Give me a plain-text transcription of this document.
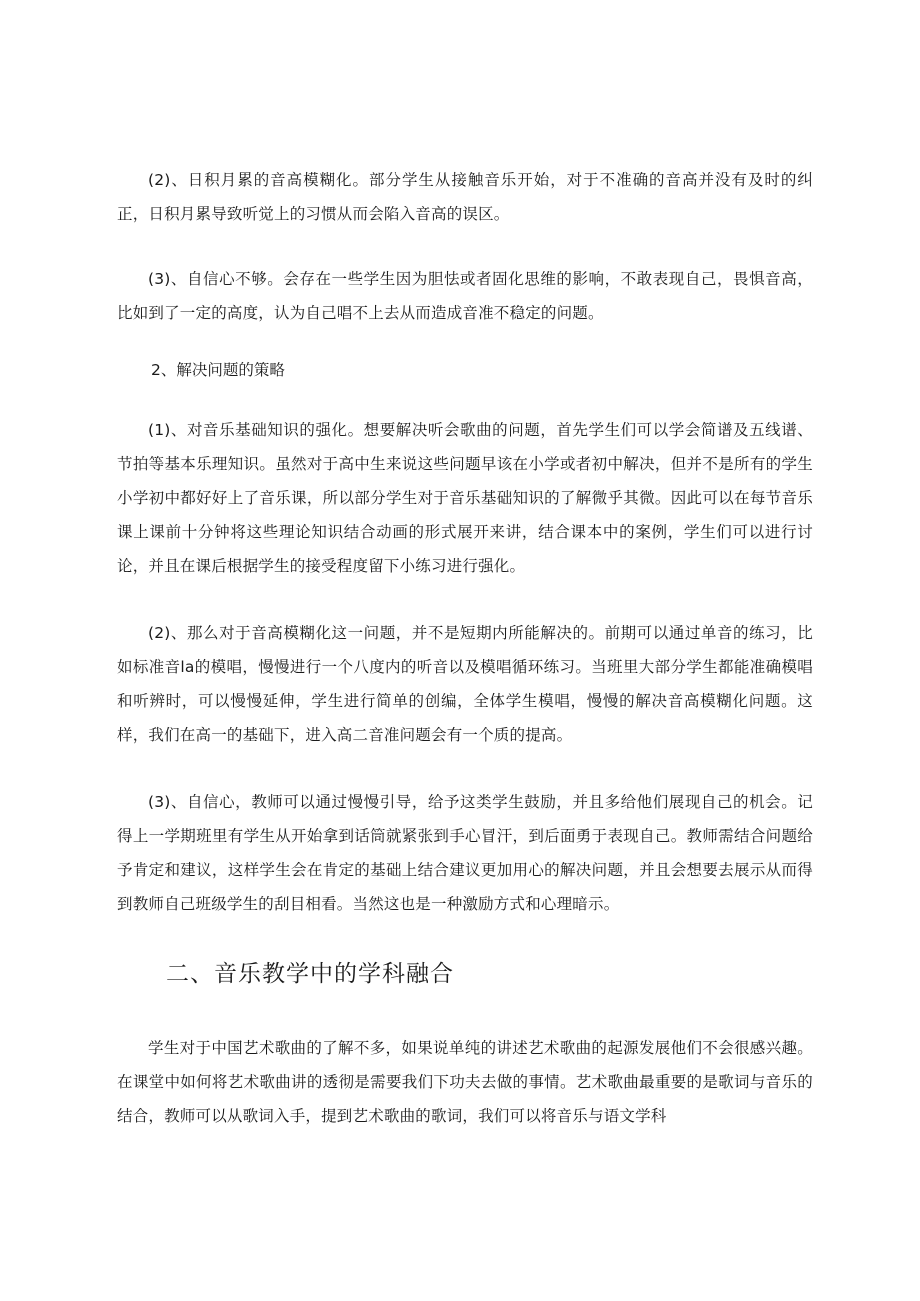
(2)、日积月累的音高模糊化。部分学生从接触音乐开始，对于不准确的音高并没有及时的纠正，日积月累导致听觉上的习惯从而会陷入音高的误区。

(3)、自信心不够。会存在一些学生因为胆怯或者固化思维的影响，不敢表现自己，畏惧音高，比如到了一定的高度，认为自己唱不上去从而造成音准不稳定的问题。

2、解决问题的策略

(1)、对音乐基础知识的强化。想要解决听会歌曲的问题，首先学生们可以学会简谱及五线谱、节拍等基本乐理知识。虽然对于高中生来说这些问题早该在小学或者初中解决，但并不是所有的学生小学初中都好好上了音乐课，所以部分学生对于音乐基础知识的了解微乎其微。因此可以在每节音乐课上课前十分钟将这些理论知识结合动画的形式展开来讲，结合课本中的案例，学生们可以进行讨论，并且在课后根据学生的接受程度留下小练习进行强化。

(2)、那么对于音高模糊化这一问题，并不是短期内所能解决的。前期可以通过单音的练习，比如标准音la的模唱，慢慢进行一个八度内的听音以及模唱循环练习。当班里大部分学生都能准确模唱和听辨时，可以慢慢延伸，学生进行简单的创编，全体学生模唱，慢慢的解决音高模糊化问题。这样，我们在高一的基础下，进入高二音准问题会有一个质的提高。

(3)、自信心，教师可以通过慢慢引导，给予这类学生鼓励，并且多给他们展现自己的机会。记得上一学期班里有学生从开始拿到话筒就紧张到手心冒汗，到后面勇于表现自己。教师需结合问题给予肯定和建议，这样学生会在肯定的基础上结合建议更加用心的解决问题，并且会想要去展示从而得到教师自己班级学生的刮目相看。当然这也是一种激励方式和心理暗示。

二、音乐教学中的学科融合

学生对于中国艺术歌曲的了解不多，如果说单纯的讲述艺术歌曲的起源发展他们不会很感兴趣。在课堂中如何将艺术歌曲讲的透彻是需要我们下功夫去做的事情。艺术歌曲最重要的是歌词与音乐的结合，教师可以从歌词入手，提到艺术歌曲的歌词，我们可以将音乐与语文学科
